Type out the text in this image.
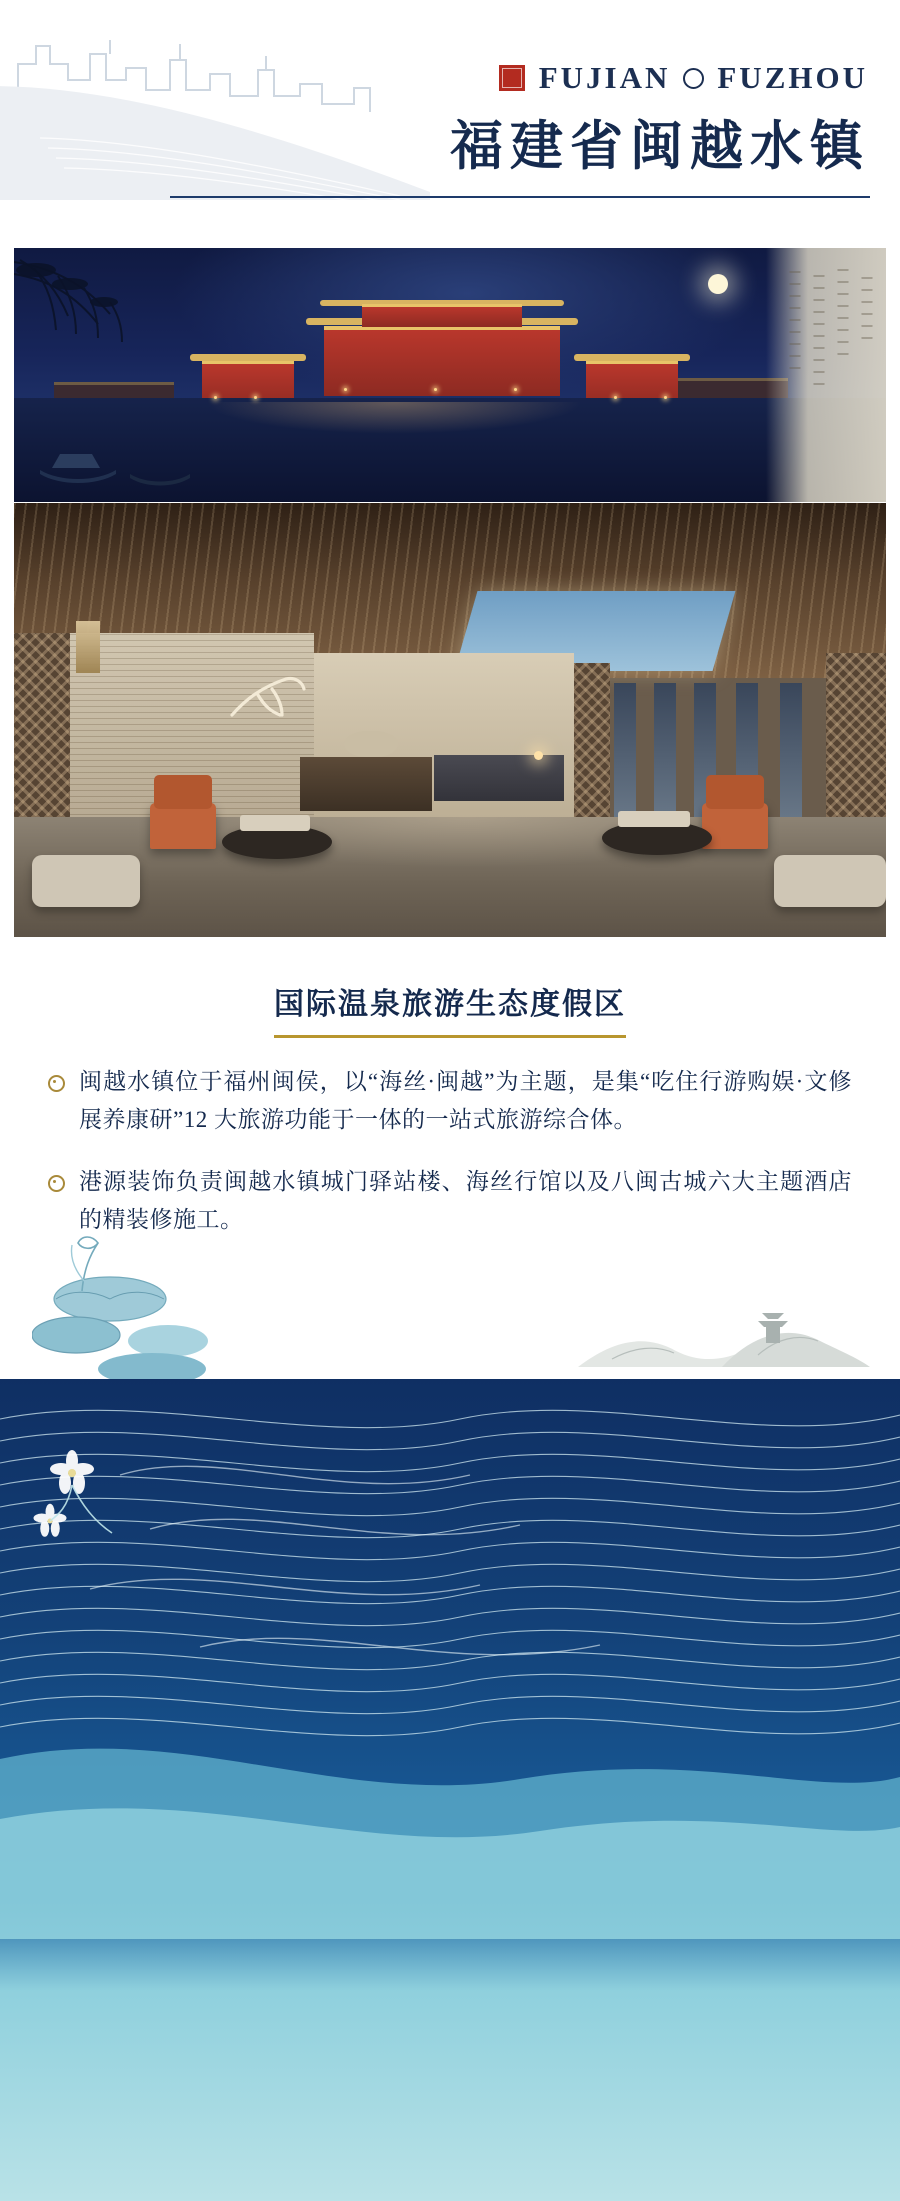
FUJIAN FUZHOU
福建省闽越水镇
国际温泉旅游生态度假区
闽越水镇位于福州闽侯，以“海丝·闽越”为主题，是集“吃住行游购娱·文修展养康研”12 大旅游功能于一体的一站式旅游综合体。
港源装饰负责闽越水镇城门驿站楼、海丝行馆以及八闽古城六大主题酒店的精装修施工。
